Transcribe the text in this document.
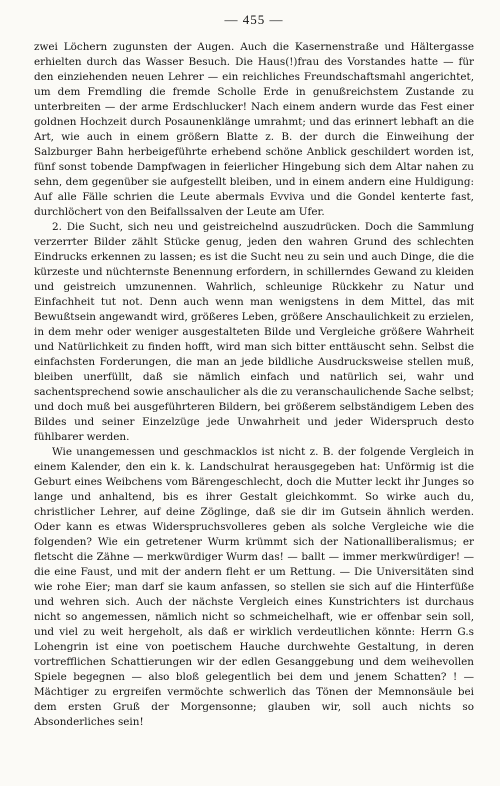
— 455 —

zwei Löchern zugunsten der Augen. Auch die Kasernenstraße und Hältergasse erhielten durch das Wasser Besuch. Die Haus(!)frau des Vorstandes hatte — für den einziehenden neuen Lehrer — ein reichliches Freundschaftsmahl angerichtet, um dem Fremdling die fremde Scholle Erde in genußreichstem Zustande zu unterbreiten — der arme Erdschlucker! Nach einem andern wurde das Fest einer goldnen Hochzeit durch Posaunenklänge umrahmt; und das erinnert lebhaft an die Art, wie auch in einem größern Blatte z. B. der durch die Einweihung der Salzburger Bahn herbeigeführte erhebend schöne Anblick geschildert worden ist, fünf sonst tobende Dampfwagen in feierlicher Hingebung sich dem Altar nahen zu sehn, dem gegenüber sie aufgestellt bleiben, und in einem andern eine Huldigung: Auf alle Fälle schrien die Leute abermals Evviva und die Gondel kenterte fast, durchlöchert von den Beifallssalven der Leute am Ufer.

2. Die Sucht, sich neu und geistreichelnd auszudrücken. Doch die Sammlung verzerrter Bilder zählt Stücke genug, jeden den wahren Grund des schlechten Eindrucks erkennen zu lassen; es ist die Sucht neu zu sein und auch Dinge, die die kürzeste und nüchternste Benennung erfordern, in schillerndes Gewand zu kleiden und geistreich umzunennen. Wahrlich, schleunige Rückkehr zu Natur und Einfachheit tut not. Denn auch wenn man wenigstens in dem Mittel, das mit Bewußtsein angewandt wird, größeres Leben, größere Anschaulichkeit zu erzielen, in dem mehr oder weniger ausgestalteten Bilde und Vergleiche größere Wahrheit und Natürlichkeit zu finden hofft, wird man sich bitter enttäuscht sehn. Selbst die einfachsten Forderungen, die man an jede bildliche Ausdrucksweise stellen muß, bleiben unerfüllt, daß sie nämlich einfach und natürlich sei, wahr und sachentsprechend sowie anschaulicher als die zu veranschaulichende Sache selbst; und doch muß bei ausgeführteren Bildern, bei größerem selbständigem Leben des Bildes und seiner Einzelzüge jede Unwahrheit und jeder Widerspruch desto fühlbarer werden.

Wie unangemessen und geschmacklos ist nicht z. B. der folgende Vergleich in einem Kalender, den ein k. k. Landschulrat herausgegeben hat: Unförmig ist die Geburt eines Weibchens vom Bärengeschlecht, doch die Mutter leckt ihr Junges so lange und anhaltend, bis es ihrer Gestalt gleichkommt. So wirke auch du, christlicher Lehrer, auf deine Zöglinge, daß sie dir im Gutsein ähnlich werden. Oder kann es etwas Widerspruchsvolleres geben als solche Vergleiche wie die folgenden? Wie ein getretener Wurm krümmt sich der Nationalliberalismus; er fletscht die Zähne — merkwürdiger Wurm das! — ballt — immer merkwürdiger! — die eine Faust, und mit der andern fleht er um Rettung. — Die Universitäten sind wie rohe Eier; man darf sie kaum anfassen, so stellen sie sich auf die Hinterfüße und wehren sich. Auch der nächste Vergleich eines Kunstrichters ist durchaus nicht so angemessen, nämlich nicht so schmeichelhaft, wie er offenbar sein soll, und viel zu weit hergeholt, als daß er wirklich verdeutlichen könnte: Herrn G.s Lohengrin ist eine von poetischem Hauche durchwehte Gestaltung, in deren vortrefflichen Schattierungen wir der edlen Gesanggebung und dem weihevollen Spiele begegnen — also bloß gelegentlich bei dem und jenem Schatten? ! — Mächtiger zu ergreifen vermöchte schwerlich das Tönen der Memnonsäule bei dem ersten Gruß der Morgensonne; glauben wir, soll auch nichts so Absonderliches sein!
